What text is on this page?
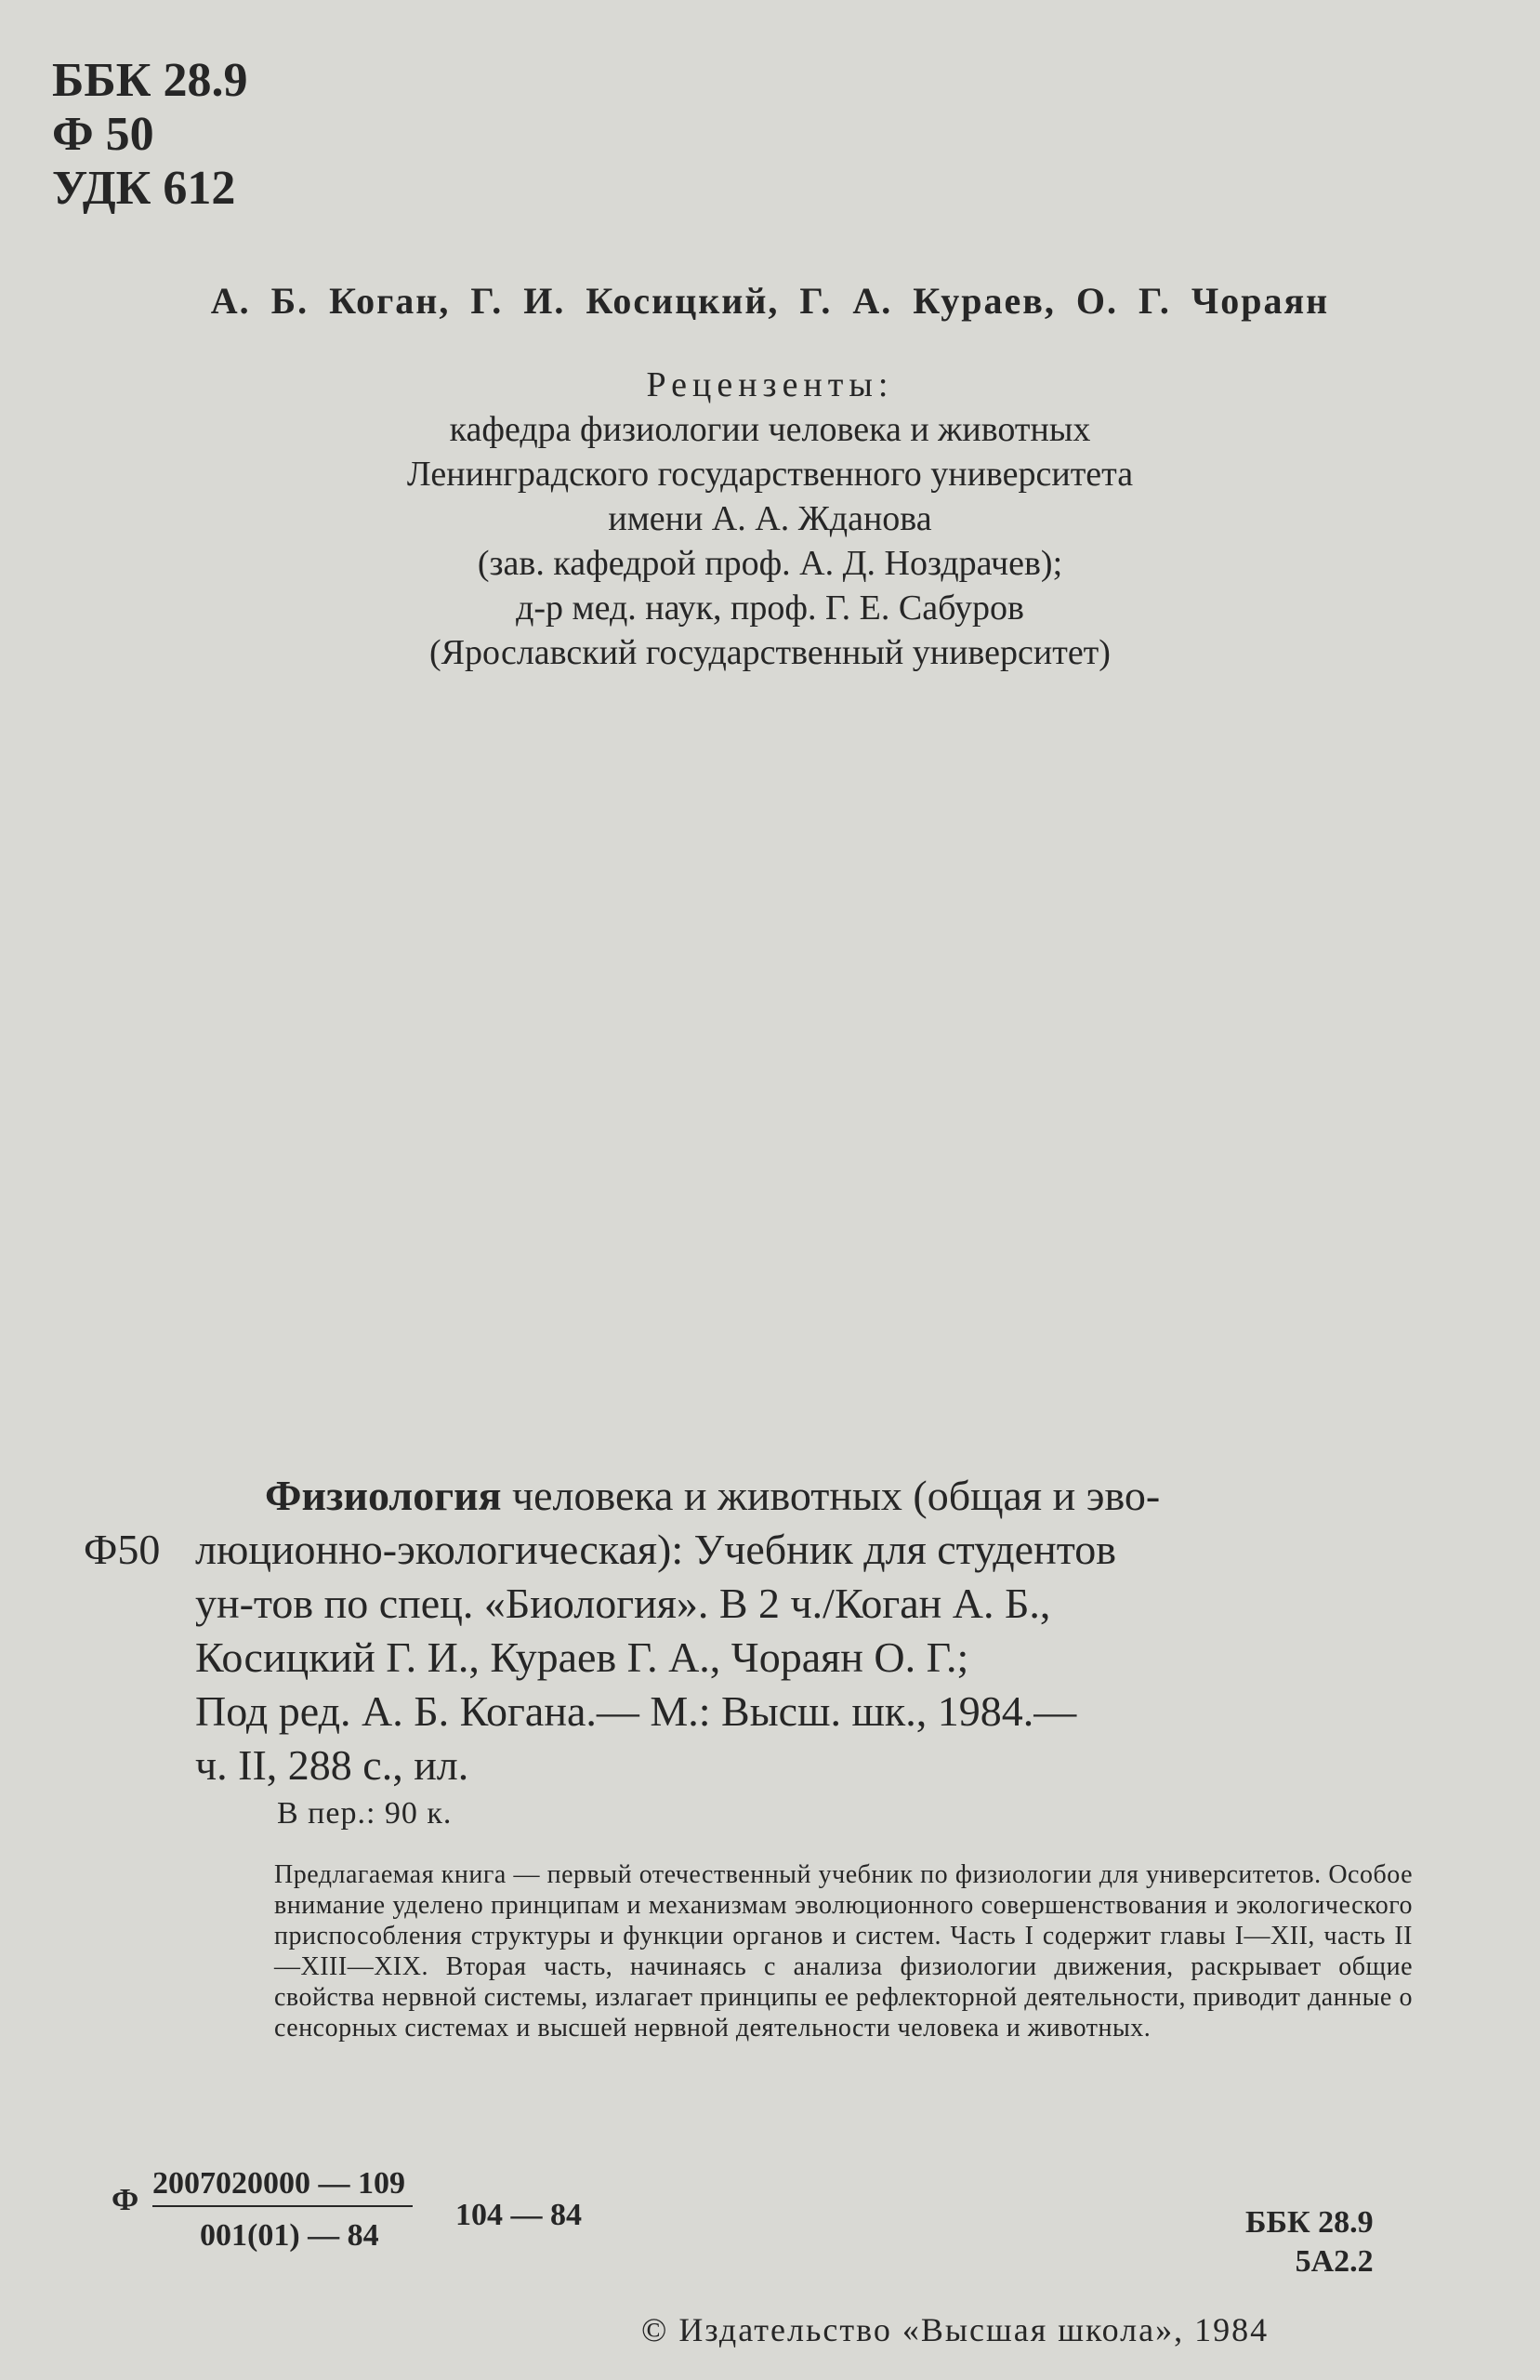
ББК 28.9
Ф 50
УДК 612
А. Б. Коган, Г. И. Косицкий, Г. А. Кураев, О. Г. Чораян
Рецензенты:
кафедра физиологии человека и животных
Ленинградского государственного университета
имени А. А. Жданова
(зав. кафедрой проф. А. Д. Ноздрачев);
д-р мед. наук, проф. Г. Е. Сабуров
(Ярославский государственный университет)
Физиология человека и животных (общая и эво-
Ф50 люционно-экологическая): Учебник для студентов
ун-тов по спец. «Биология». В 2 ч./Коган А. Б.,
Косицкий Г. И., Кураев Г. А., Чораян О. Г.;
Под ред. А. Б. Когана.— М.: Высш. шк., 1984.—
ч. II, 288 с., ил.
В пер.: 90 к.
Предлагаемая книга — первый отечественный учебник по физиологии для университетов. Особое внимание уделено принципам и механизмам эволюционного совершенствования и экологического приспособления структуры и функции органов и систем. Часть I содержит главы I—XII, часть II—XIII—XIX. Вторая часть, начинаясь с анализа физиологии движения, раскрывает общие свойства нервной системы, излагает принципы ее рефлекторной деятельности, приводит данные о сенсорных системах и высшей нервной деятельности человека и животных.
Ф 2007020000 — 109
001(01) — 84
104 — 84	ББК 28.9
5А2.2
© Издательство «Высшая школа», 1984
